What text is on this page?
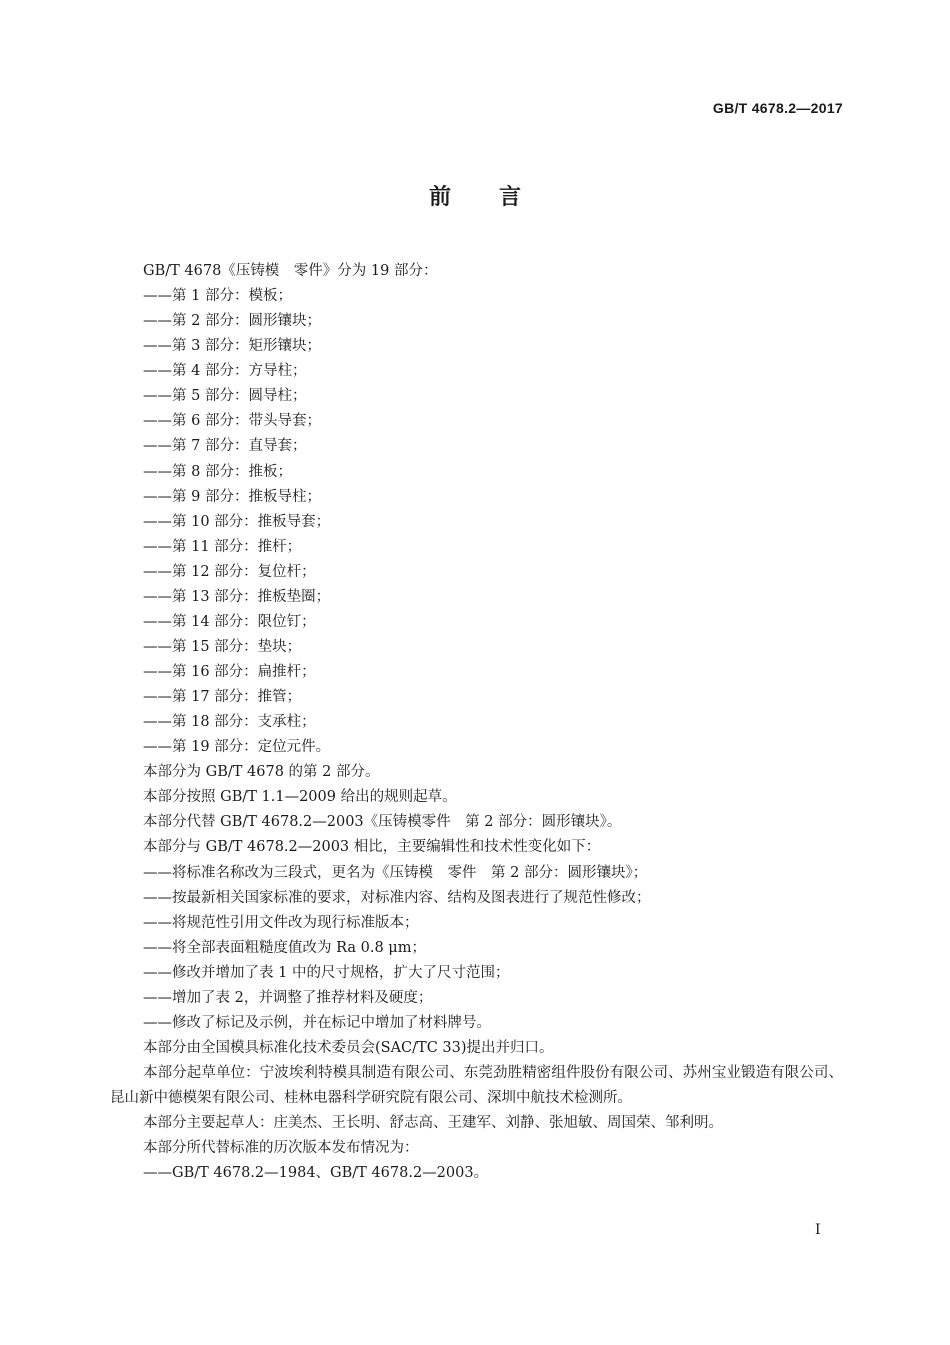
GB/T 4678.2—2017
前言
GB/T 4678《压铸模　零件》分为 19 部分：
——第 1 部分：模板；
——第 2 部分：圆形镶块；
——第 3 部分：矩形镶块；
——第 4 部分：方导柱；
——第 5 部分：圆导柱；
——第 6 部分：带头导套；
——第 7 部分：直导套；
——第 8 部分：推板；
——第 9 部分：推板导柱；
——第 10 部分：推板导套；
——第 11 部分：推杆；
——第 12 部分：复位杆；
——第 13 部分：推板垫圈；
——第 14 部分：限位钉；
——第 15 部分：垫块；
——第 16 部分：扁推杆；
——第 17 部分：推管；
——第 18 部分：支承柱；
——第 19 部分：定位元件。
本部分为 GB/T 4678 的第 2 部分。
本部分按照 GB/T 1.1—2009 给出的规则起草。
本部分代替 GB/T 4678.2—2003《压铸模零件　第 2 部分：圆形镶块》。
本部分与 GB/T 4678.2—2003 相比，主要编辑性和技术性变化如下：
——将标准名称改为三段式，更名为《压铸模　零件　第 2 部分：圆形镶块》；
——按最新相关国家标准的要求，对标准内容、结构及图表进行了规范性修改；
——将规范性引用文件改为现行标准版本；
——将全部表面粗糙度值改为 Ra 0.8 μm；
——修改并增加了表 1 中的尺寸规格，扩大了尺寸范围；
——增加了表 2，并调整了推荐材料及硬度；
——修改了标记及示例，并在标记中增加了材料牌号。
本部分由全国模具标准化技术委员会(SAC/TC 33)提出并归口。
本部分起草单位：宁波埃利特模具制造有限公司、东莞劲胜精密组件股份有限公司、苏州宝业锻造有限公司、昆山新中德模架有限公司、桂林电器科学研究院有限公司、深圳中航技术检测所。
本部分主要起草人：庄美杰、王长明、舒志高、王建军、刘静、张旭敏、周国荣、邹利明。
本部分所代替标准的历次版本发布情况为：
——GB/T 4678.2—1984、GB/T 4678.2—2003。
I
